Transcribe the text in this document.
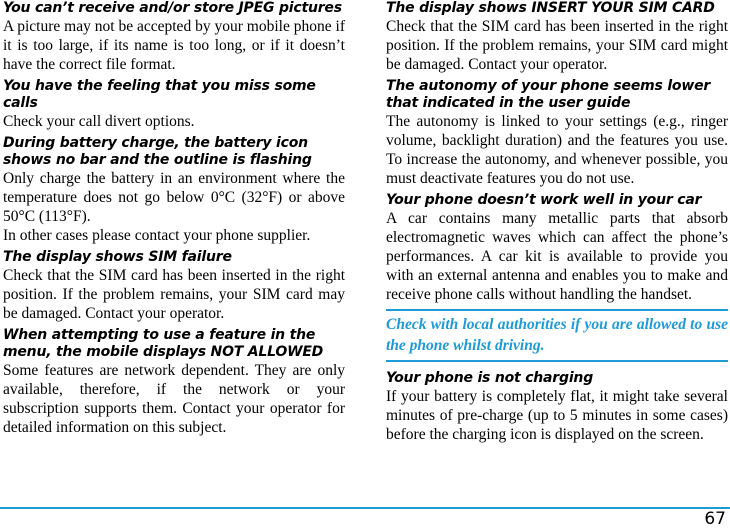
You can’t receive and/or store JPEG pictures

A picture may not be accepted by your mobile phone if it is too large, if its name is too long, or if it doesn’t have the correct file format.

You have the feeling that you miss some calls

Check your call divert options.

During battery charge, the battery icon shows no bar and the outline is flashing

Only charge the battery in an environment where the temperature does not go below 0°C (32°F) or above 50°C (113°F).

In other cases please contact your phone supplier.

The display shows SIM failure

Check that the SIM card has been inserted in the right position. If the problem remains, your SIM card may be damaged. Contact your operator.

When attempting to use a feature in the menu, the mobile displays NOT ALLOWED

Some features are network dependent. They are only available, therefore, if the network or your subscription supports them. Contact your operator for detailed information on this subject.

The display shows INSERT YOUR SIM CARD

Check that the SIM card has been inserted in the right position. If the problem remains, your SIM card might be damaged. Contact your operator.

The autonomy of your phone seems lower that indicated in the user guide

The autonomy is linked to your settings (e.g., ringer volume, backlight duration) and the features you use. To increase the autonomy, and whenever possible, you must deactivate features you do not use.

Your phone doesn’t work well in your car

A car contains many metallic parts that absorb electromagnetic waves which can affect the phone’s performances. A car kit is available to provide you with an external antenna and enables you to make and receive phone calls without handling the handset.

Check with local authorities if you are allowed to use the phone whilst driving.

Your phone is not charging

If your battery is completely flat, it might take several minutes of pre-charge (up to 5 minutes in some cases) before the charging icon is displayed on the screen.

67
